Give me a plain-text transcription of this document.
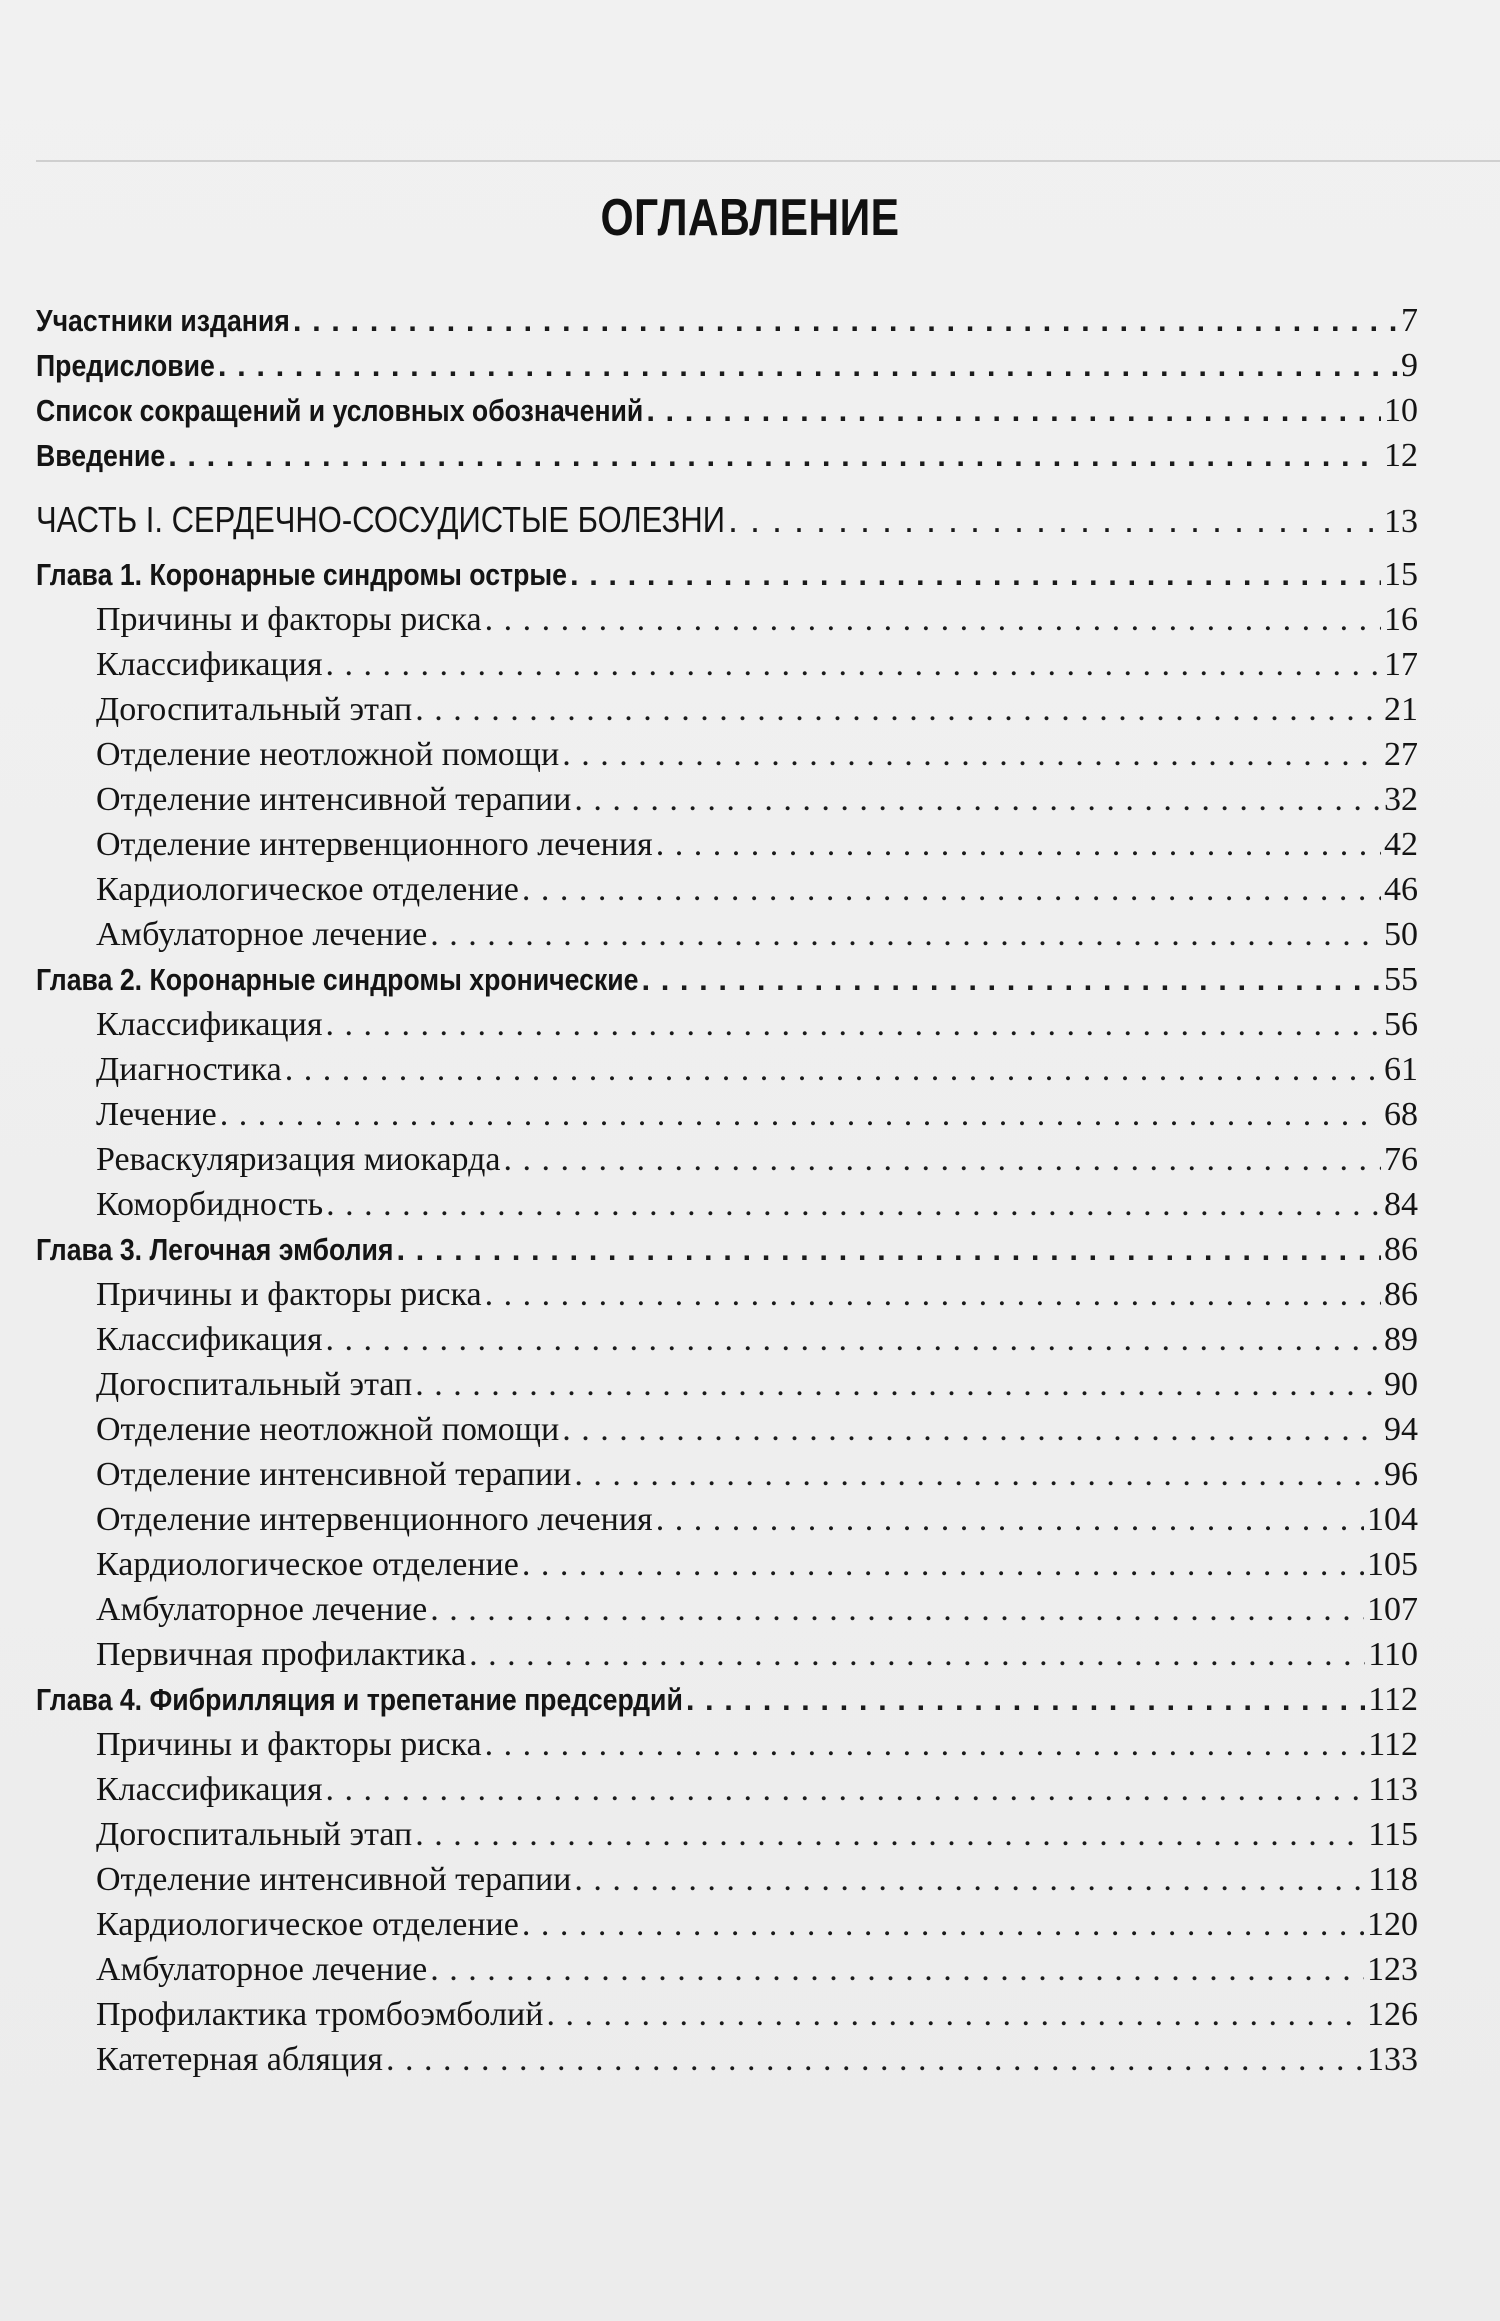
ОГЛАВЛЕНИЕ
Участники издания . . .	7
Предисловие . . .	9
Список сокращений и условных обозначений . . .	10
Введение . . .	12
ЧАСТЬ I. СЕРДЕЧНО-СОСУДИСТЫЕ БОЛЕЗНИ . . .	13
Глава 1. Коронарные синдромы острые . . .	15
Причины и факторы риска . . .	16
Классификация . . .	17
Догоспитальный этап . . .	21
Отделение неотложной помощи . . .	27
Отделение интенсивной терапии . . .	32
Отделение интервенционного лечения . . .	42
Кардиологическое отделение . . .	46
Амбулаторное лечение . . .	50
Глава 2. Коронарные синдромы хронические . . .	55
Классификация . . .	56
Диагностика . . .	61
Лечение . . .	68
Реваскуляризация миокарда . . .	76
Коморбидность . . .	84
Глава 3. Легочная эмболия . . .	86
Причины и факторы риска . . .	86
Классификация . . .	89
Догоспитальный этап . . .	90
Отделение неотложной помощи . . .	94
Отделение интенсивной терапии . . .	96
Отделение интервенционного лечения . . .	104
Кардиологическое отделение . . .	105
Амбулаторное лечение . . .	107
Первичная профилактика . . .	110
Глава 4. Фибрилляция и трепетание предсердий . . .	112
Причины и факторы риска . . .	112
Классификация . . .	113
Догоспитальный этап . . .	115
Отделение интенсивной терапии . . .	118
Кардиологическое отделение . . .	120
Амбулаторное лечение . . .	123
Профилактика тромбоэмболий . . .	126
Катетерная абляция . . .	133
